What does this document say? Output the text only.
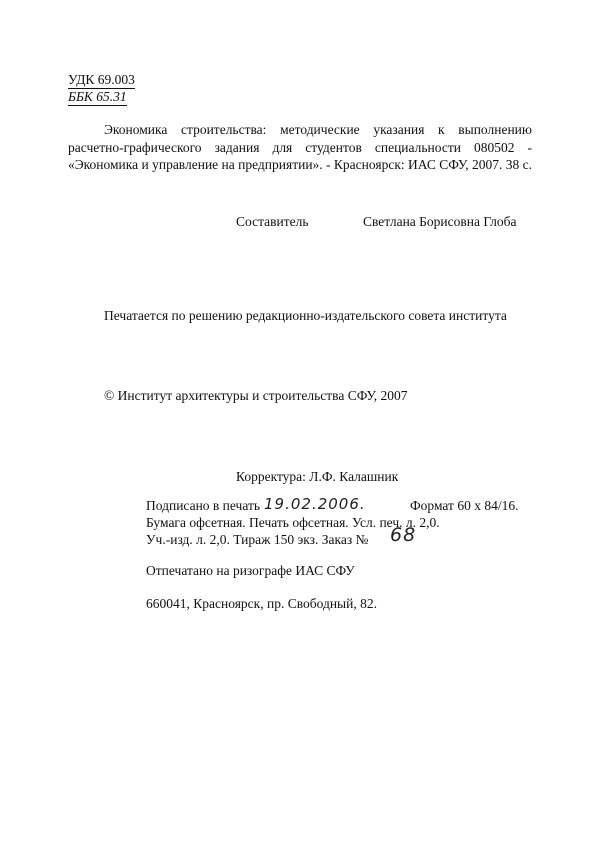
УДК 69.003
ББК 65.31
Экономика строительства: методические указания к выполнению расчетно-графического задания для студентов специальности 080502 - «Экономика и управление на предприятии». - Красноярск: ИАС СФУ, 2007. 38 с.
Составитель	Светлана Борисовна Глоба
Печатается по решению редакционно-издательского совета института
© Институт архитектуры и строительства СФУ, 2007
Корректура: Л.Ф. Калашник
Подписано в печать 19.02.2006.	Формат 60 х 84/16.
Бумага офсетная. Печать офсетная. Усл. печ. л. 2,0.
Уч.-изд. л. 2,0. Тираж 150 экз. Заказ № 68
Отпечатано на ризографе ИАС СФУ
660041, Красноярск, пр. Свободный, 82.
